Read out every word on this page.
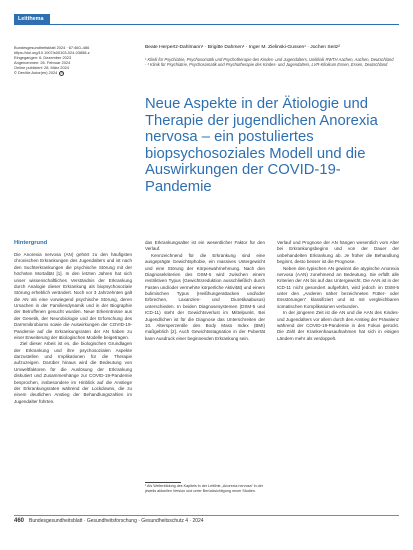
Leitthema
Bundesgesundheitsblatt 2024 · 67:460–466
https://doi.org/10.1007/s00103-024-03858-z
Eingegangen: 6. Dezember 2023
Angenommen: 26. Februar 2024
Online publiziert: 28. März 2024
© Der/die Autor(en) 2024	⊙
Beate Herpertz-Dahlmann¹ · Brigitte Dahmen¹ · Inger M. Zielinski-Gussen¹ · Jochen Seitz²
¹ Klinik für Psychiatrie, Psychosomatik und Psychotherapie des Kindes- und Jugendalters, Uniklinik RWTH Aachen, Aachen, Deutschland · ² Klinik für Psychiatrie, Psychosomatik und Psychotherapie des Kindes- und Jugendalters, LVR-Klinikum Essen, Essen, Deutschland
Neue Aspekte in der Ätiologie und Therapie der jugendlichen Anorexia nervosa – ein postuliertes biopsychosoziales Modell und die Auswirkungen der COVID-19-Pandemie
Hintergrund

Die Anorexia nervosa (AN) gehört zu den häufigsten chronischen Erkrankungen des Jugendalters und ist nach den Suchterkrankungen die psychische Störung mit der höchsten Mortalität [1]. In den letzten Jahren hat sich unser wissenschaftliches Verständnis der Erkrankung durch Analogie dieser Erkrankung als biopsychosoziale Störung erheblich verändert. Noch vor 3 Jahrzehnten galt die AN als eine vorwiegend psychische Störung, deren Ursachen in der Familiendynamik und in der Biographie der Betroffenen gesucht wurden. Neue Erkenntnisse aus der Genetik, der Neurobiologie und der Erforschung des Darmmikrobioms sowie die Auswirkungen der COVID-19-Pandemie auf die Erkrankungsraten der AN haben zu einer Erweiterung der ätiologischen Modelle beigetragen.

Ziel dieser Arbeit ist es, die biologischen Grundlagen der Erkrankung und ihre psychosozialen Aspekte darzustellen und Implikationen für die Therapie aufzuzeigen. Darüber hinaus wird die Bedeutung von Umweltfaktoren für die Auslösung der Erkrankung diskutiert und Zusammenhänge zur COVID-19-Pandemie besprochen, insbesondere im Hinblick auf die Anstiege der Erkrankungsraten während der Lockdowns, die zu einem deutlichen Anstieg der Behandlungszahlen im Jugendalter führten.

das Erkrankungsalter ist ein wesentlicher Faktor für den Verlauf.

Kennzeichnend für die Erkrankung sind eine ausgeprägte Gewichtsphobie, ein massives Untergewicht und eine Störung der Körperwahrnehmung. Nach den Diagnosekriterien des DSM-5 wird zwischen einem restriktiven Typus (Gewichtsreduktion ausschließlich durch Fasten und/oder vermehrte körperliche Aktivität) und einem bulimischen Typus (Heißhungerattacken und/oder Erbrechen, Laxanzien- und Diuretikaabusus) unterschieden. In beiden Diagnosesystemen (DSM-5 und ICD-11) steht der Gewichtsverlust im Mittelpunkt. Bei Jugendlichen ist für die Diagnose das Unterschreiten der 10. Altersperzentile des Body Mass Index (BMI) maßgeblich [2]. Auch Gewichtsstagnation in der Pubertät kann Ausdruck einer beginnenden Erkrankung sein.

¹ Als Weiterbildung des Kapitels in der Leitlinie „Anorexia nervosa“ in der jeweils aktuellen Version und unter Berücksichtigung neuer Studien.

Verlauf und Prognose der AN hängen wesentlich vom Alter bei Erkrankungsbeginn und von der Dauer der unbehandelten Erkrankung ab. Je früher die Behandlung beginnt, desto besser ist die Prognose.

Neben den typischen AN gewinnt die atypische Anorexia nervosa (AAN) zunehmend an Bedeutung. Sie erfüllt alle Kriterien der AN bis auf das Untergewicht. Die AAN ist in der ICD-11 nicht gesondert aufgeführt, wird jedoch im DSM-5 unter den „Anderen näher bezeichneten Fütter- oder Essstörungen“ klassifiziert und ist mit vergleichbaren somatischen Komplikationen verbunden.

In der jüngeren Zeit ist die AN und die AAN des Kindes- und Jugendalters vor allem durch den Anstieg der Prävalenz während der COVID-19-Pandemie in den Fokus gerückt. Die Zahl der Krankenhausaufnahmen hat sich in einigen Ländern mehr als verdoppelt.

460 Bundesgesundheitsblatt · Gesundheitsforschung · Gesundheitsschutz 4 · 2024
